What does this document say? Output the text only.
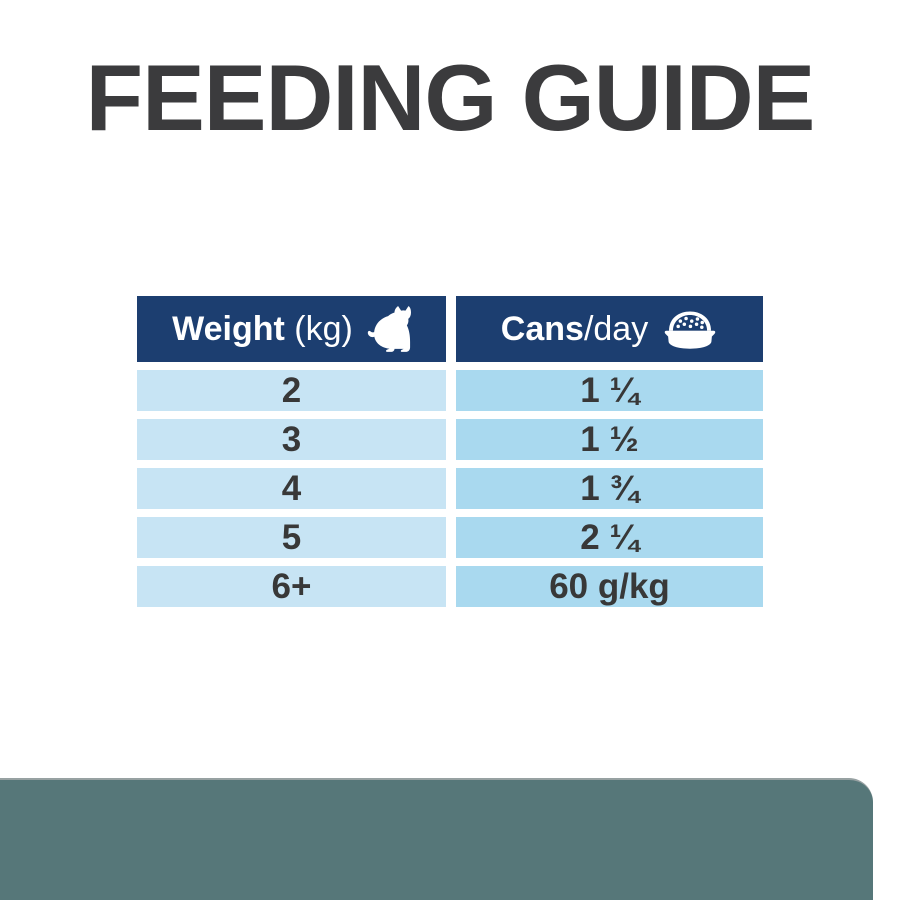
FEEDING GUIDE
Weight (kg)	Cans /day
2	1 ¼
3	1 ½
4	1 ¾
5	2 ¼
6+	60 g/kg
